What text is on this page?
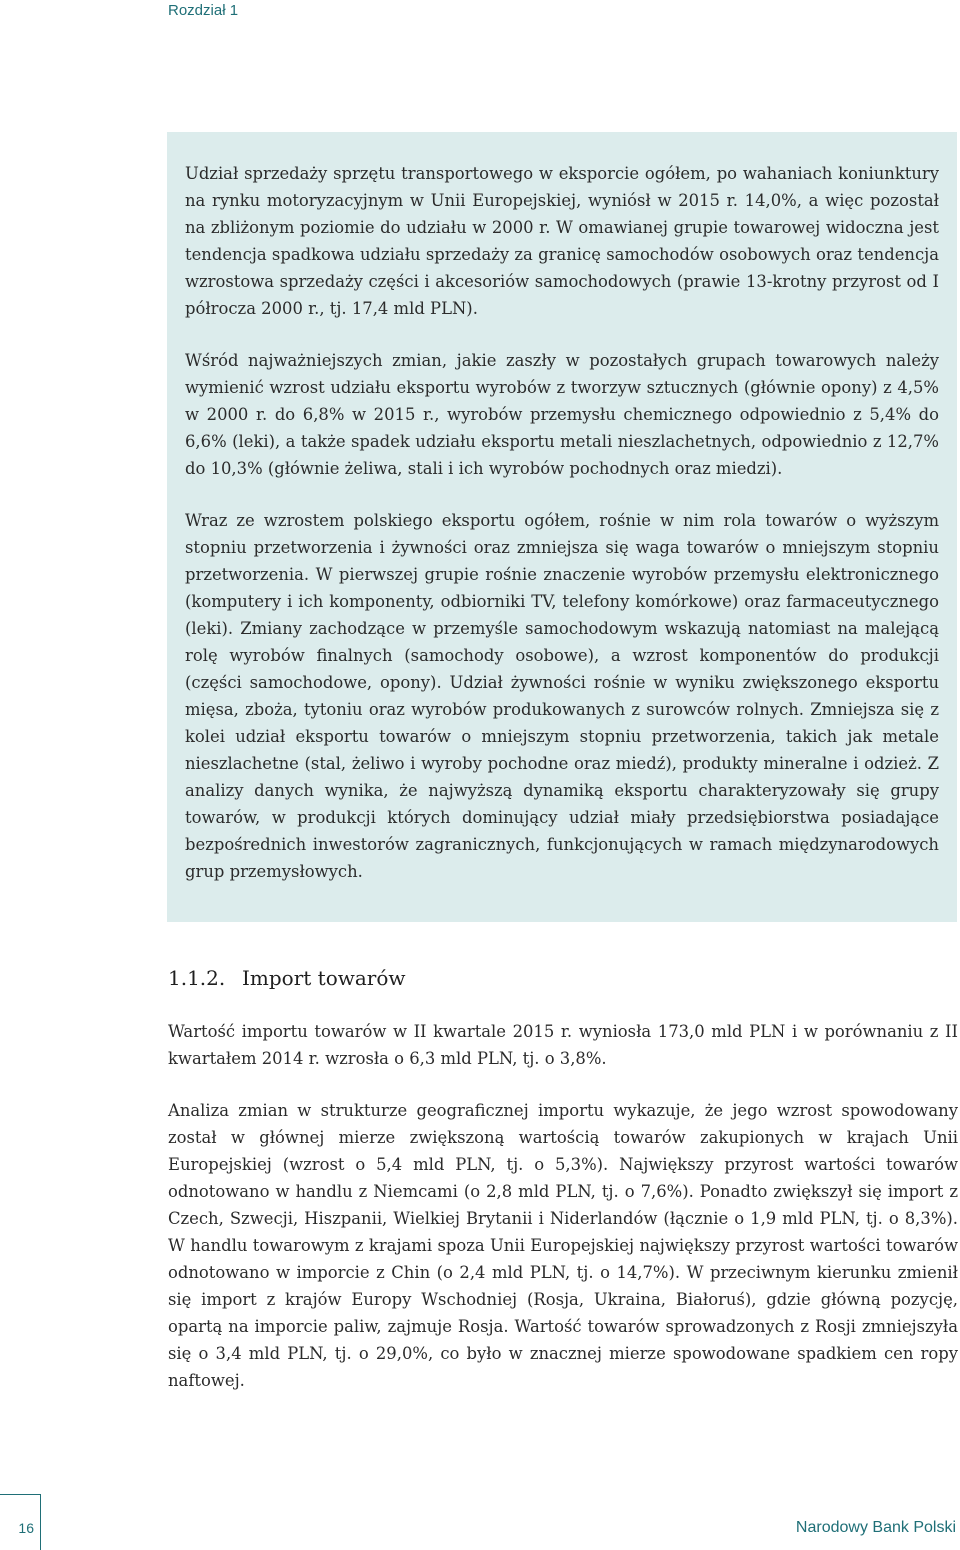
Rozdział 1

Udział sprzedaży sprzętu transportowego w eksporcie ogółem, po wahaniach koniunktury na rynku motoryzacyjnym w Unii Europejskiej, wyniósł w 2015 r. 14,0%, a więc pozostał na zbliżonym poziomie do udziału w 2000 r. W omawianej grupie towarowej widoczna jest tendencja spadkowa udziału sprzedaży za granicę samochodów osobowych oraz tendencja wzrostowa sprzedaży części i akcesoriów samochodowych (prawie 13-krotny przyrost od I półrocza 2000 r., tj. 17,4 mld PLN).

Wśród najważniejszych zmian, jakie zaszły w pozostałych grupach towarowych należy wymienić wzrost udziału eksportu wyrobów z tworzyw sztucznych (głównie opony) z 4,5% w 2000 r. do 6,8% w 2015 r., wyrobów przemysłu chemicznego odpowiednio z 5,4% do 6,6% (leki), a także spadek udziału eksportu metali nieszlachetnych, odpowiednio z 12,7% do 10,3% (głównie żeliwa, stali i ich wyrobów pochodnych oraz miedzi).

Wraz ze wzrostem polskiego eksportu ogółem, rośnie w nim rola towarów o wyższym stopniu przetworzenia i żywności oraz zmniejsza się waga towarów o mniejszym stopniu przetworzenia. W pierwszej grupie rośnie znaczenie wyrobów przemysłu elektronicznego (komputery i ich komponenty, odbiorniki TV, telefony komórkowe) oraz farmaceutycznego (leki). Zmiany zachodzące w przemyśle samochodowym wskazują natomiast na malejącą rolę wyrobów finalnych (samochody osobowe), a wzrost komponentów do produkcji (części samochodowe, opony). Udział żywności rośnie w wyniku zwiększonego eksportu mięsa, zboża, tytoniu oraz wyrobów produkowanych z surowców rolnych. Zmniejsza się z kolei udział eksportu towarów o mniejszym stopniu przetworzenia, takich jak metale nieszlachetne (stal, żeliwo i wyroby pochodne oraz miedź), produkty mineralne i odzież. Z analizy danych wynika, że najwyższą dynamiką eksportu charakteryzowały się grupy towarów, w produkcji których dominujący udział miały przedsiębiorstwa posiadające bezpośrednich inwestorów zagranicznych, funkcjonujących w ramach międzynarodowych grup przemysłowych.

1.1.2. Import towarów

Wartość importu towarów w II kwartale 2015 r. wyniosła 173,0 mld PLN i w porównaniu z II kwartałem 2014 r. wzrosła o 6,3 mld PLN, tj. o 3,8%.

Analiza zmian w strukturze geograficznej importu wykazuje, że jego wzrost spowodowany został w głównej mierze zwiększoną wartością towarów zakupionych w krajach Unii Europejskiej (wzrost o 5,4 mld PLN, tj. o 5,3%). Największy przyrost wartości towarów odnotowano w handlu z Niemcami (o 2,8 mld PLN, tj. o 7,6%). Ponadto zwiększył się import z Czech, Szwecji, Hiszpanii, Wielkiej Brytanii i Niderlandów (łącznie o 1,9 mld PLN, tj. o 8,3%). W handlu towarowym z krajami spoza Unii Europejskiej największy przyrost wartości towarów odnotowano w imporcie z Chin (o 2,4 mld PLN, tj. o 14,7%). W przeciwnym kierunku zmienił się import z krajów Europy Wschodniej (Rosja, Ukraina, Białoruś), gdzie główną pozycję, opartą na imporcie paliw, zajmuje Rosja. Wartość towarów sprowadzonych z Rosji zmniejszyła się o 3,4 mld PLN, tj. o 29,0%, co było w znacznej mierze spowodowane spadkiem cen ropy naftowej.

16	Narodowy Bank Polski
